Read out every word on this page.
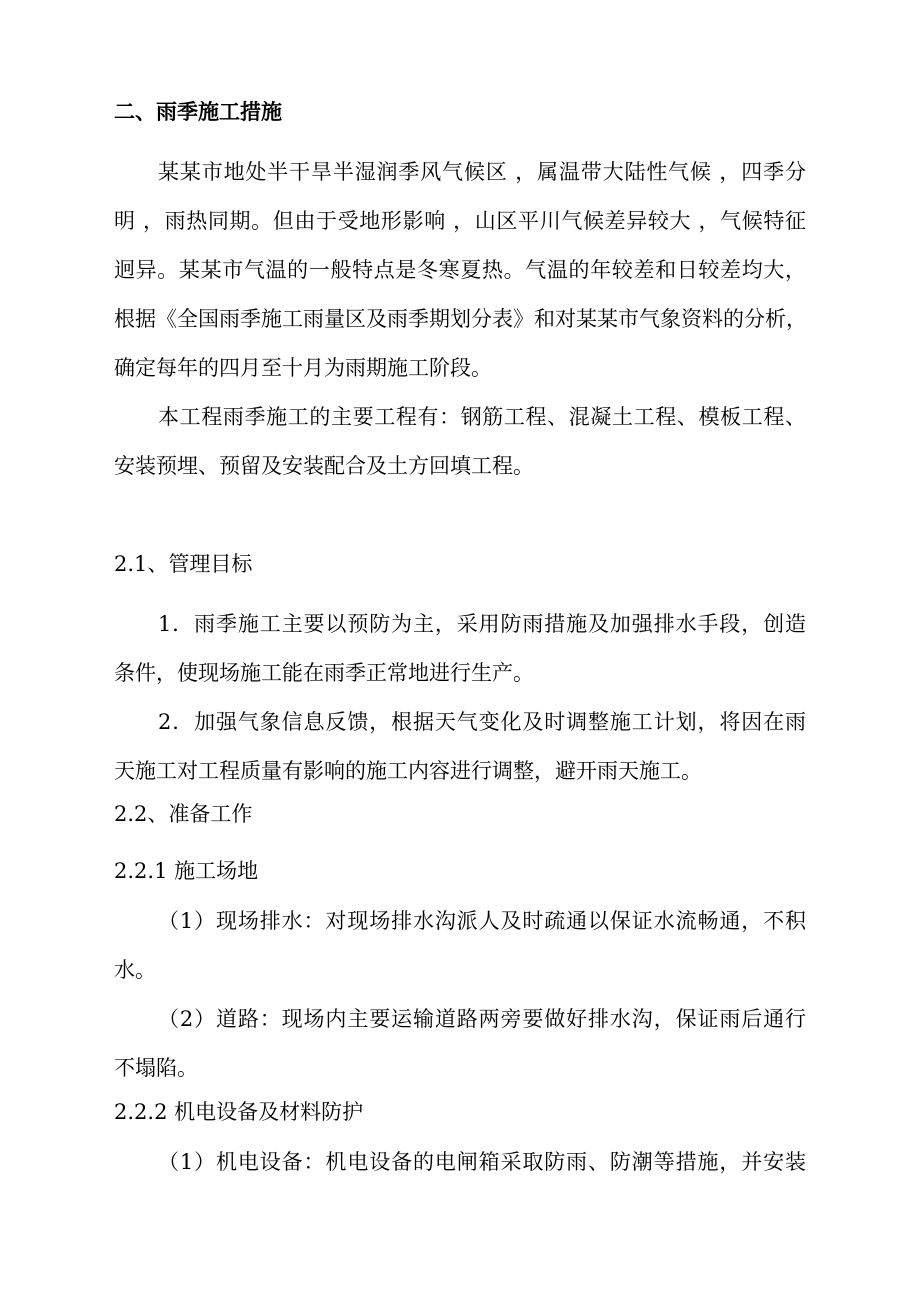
二、雨季施工措施
某某市地处半干旱半湿润季风气候区 ，属温带大陆性气候 ，四季分
明 ，雨热同期。但由于受地形影响 ，山区平川气候差异较大 ，气候特征
迥异。某某市气温的一般特点是冬寒夏热。气温的年较差和日较差均大，
根据《全国雨季施工雨量区及雨季期划分表》和对某某市气象资料的分析，
确定每年的四月至十月为雨期施工阶段。
本工程雨季施工的主要工程有：钢筋工程、混凝土工程、模板工程、
安装预埋、预留及安装配合及土方回填工程。
2.1、管理目标
1．雨季施工主要以预防为主，采用防雨措施及加强排水手段，创造
条件，使现场施工能在雨季正常地进行生产。
2．加强气象信息反馈，根据天气变化及时调整施工计划，将因在雨
天施工对工程质量有影响的施工内容进行调整，避开雨天施工。
2.2、准备工作
2.2.1 施工场地
（1）现场排水：对现场排水沟派人及时疏通以保证水流畅通，不积
水。
（2）道路：现场内主要运输道路两旁要做好排水沟，保证雨后通行
不塌陷。
2.2.2 机电设备及材料防护
（1）机电设备：机电设备的电闸箱采取防雨、防潮等措施，并安装
